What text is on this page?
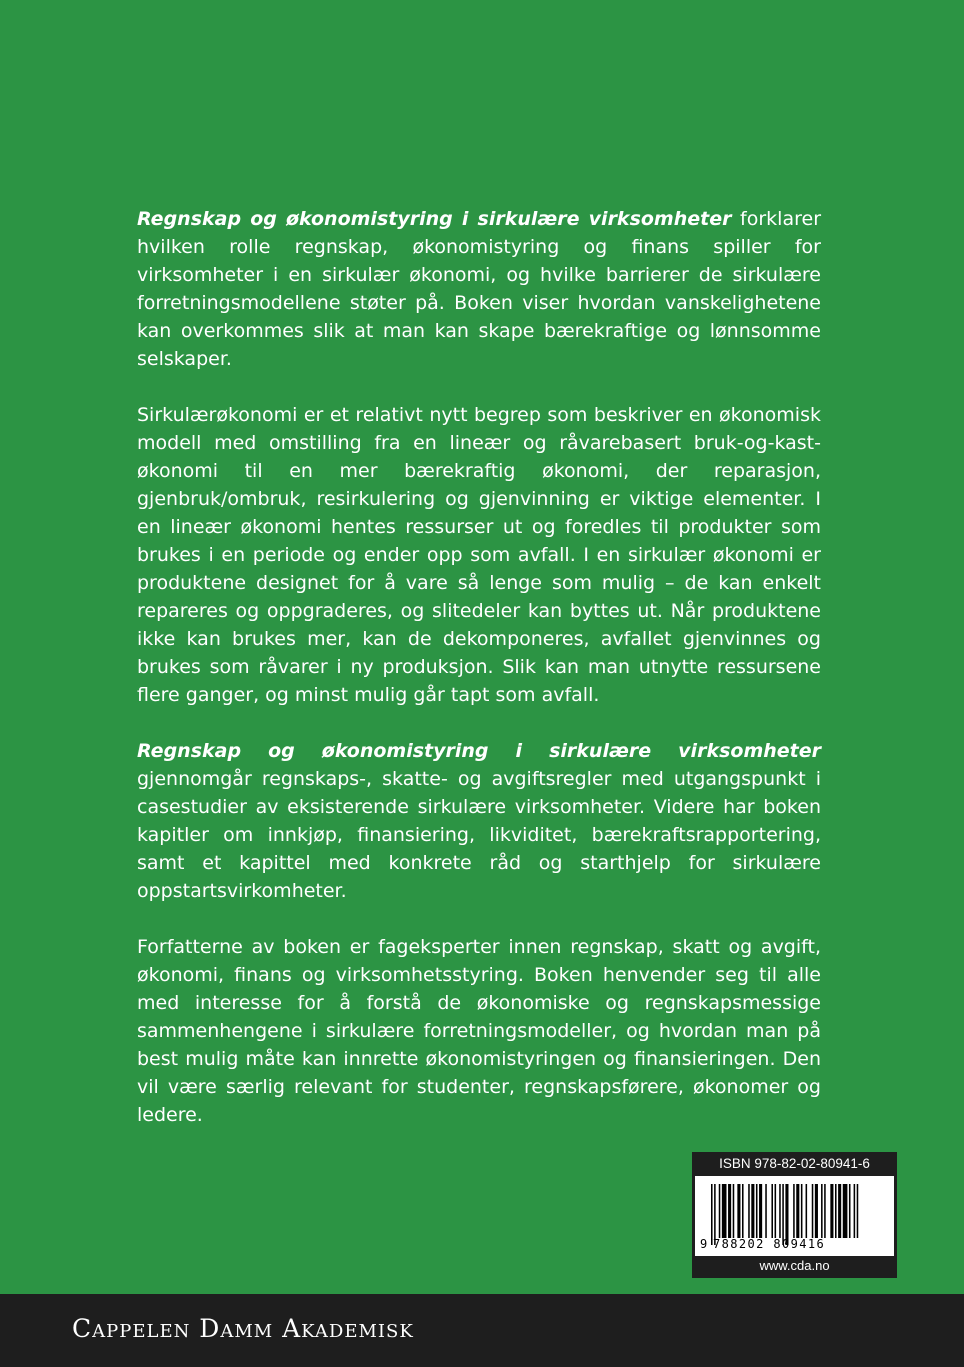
Regnskap og økonomistyring i sirkulære virksomheter forklarer hvilken rolle regnskap, økonomistyring og finans spiller for virksomheter i en sirkulær økonomi, og hvilke barrierer de sirkulære forretningsmodellene støter på. Boken viser hvordan vanskelighetene kan overkommes slik at man kan skape bærekraftige og lønnsomme selskaper.

Sirkulærøkonomi er et relativt nytt begrep som beskriver en økonomisk modell med omstilling fra en lineær og råvarebasert bruk-og-kast-økonomi til en mer bærekraftig økonomi, der reparasjon, gjenbruk/ombruk, resirkulering og gjenvinning er viktige elementer. I en lineær økonomi hentes ressurser ut og foredles til produkter som brukes i en periode og ender opp som avfall. I en sirkulær økonomi er produktene designet for å vare så lenge som mulig – de kan enkelt repareres og oppgraderes, og slitedeler kan byttes ut. Når produktene ikke kan brukes mer, kan de dekomponeres, avfallet gjenvinnes og brukes som råvarer i ny produksjon. Slik kan man utnytte ressursene flere ganger, og minst mulig går tapt som avfall.

Regnskap og økonomistyring i sirkulære virksomheter gjennomgår regnskaps-, skatte- og avgiftsregler med utgangspunkt i casestudier av eksisterende sirkulære virksomheter. Videre har boken kapitler om innkjøp, finansiering, likviditet, bærekraftsrapportering, samt et kapittel med konkrete råd og starthjelp for sirkulære oppstartsvirkomheter.

Forfatterne av boken er fageksperter innen regnskap, skatt og avgift, økonomi, finans og virksomhetsstyring. Boken henvender seg til alle med interesse for å forstå de økonomiske og regnskapsmessige sammenhengene i sirkulære forretningsmodeller, og hvordan man på best mulig måte kan innrette økonomistyringen og finansieringen. Den vil være særlig relevant for studenter, regnskapsførere, økonomer og ledere.

ISBN 978-82-02-80941-6
9 788202 809416
www.cda.no
Cappelen Damm Akademisk
